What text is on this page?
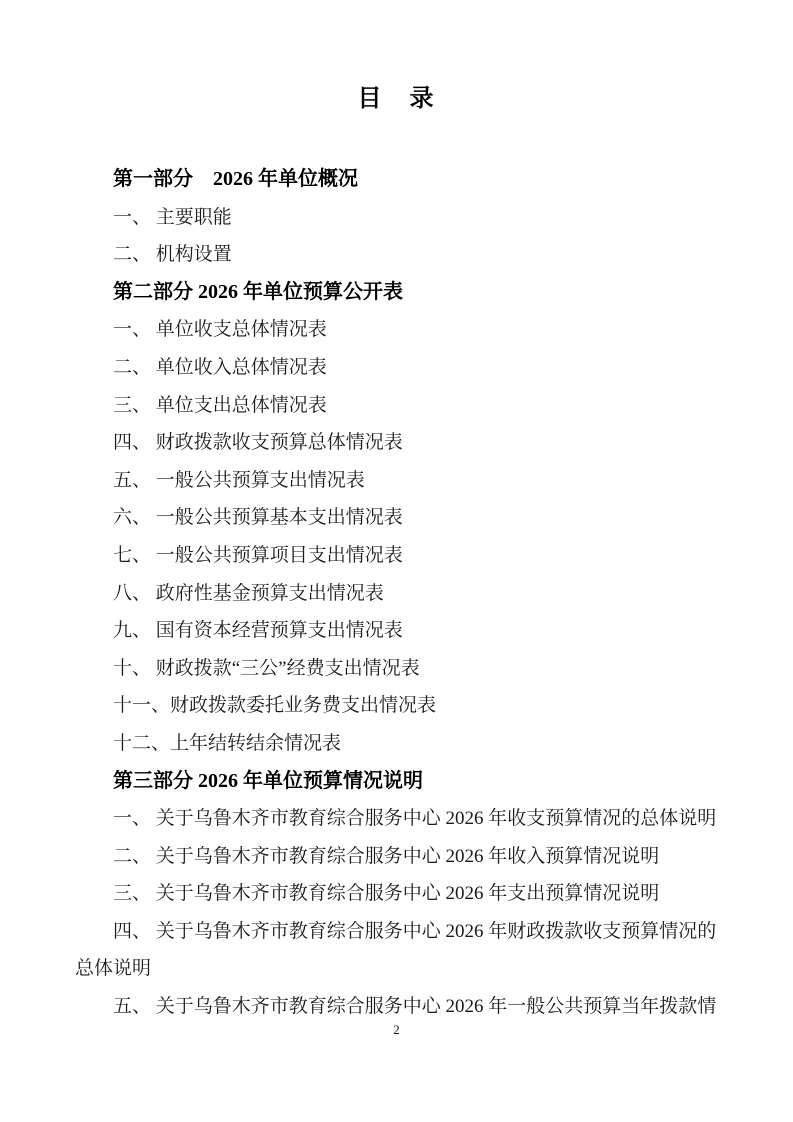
目　录

第一部分　2026 年单位概况

一、 主要职能

二、 机构设置

第二部分 2026 年单位预算公开表

一、 单位收支总体情况表

二、 单位收入总体情况表

三、 单位支出总体情况表

四、 财政拨款收支预算总体情况表

五、 一般公共预算支出情况表

六、 一般公共预算基本支出情况表

七、 一般公共预算项目支出情况表

八、 政府性基金预算支出情况表

九、 国有资本经营预算支出情况表

十、 财政拨款“三公”经费支出情况表

十一、财政拨款委托业务费支出情况表

十二、上年结转结余情况表

第三部分 2026 年单位预算情况说明

一、 关于乌鲁木齐市教育综合服务中心 2026 年收支预算情况的总体说明

二、 关于乌鲁木齐市教育综合服务中心 2026 年收入预算情况说明

三、 关于乌鲁木齐市教育综合服务中心 2026 年支出预算情况说明

四、 关于乌鲁木齐市教育综合服务中心 2026 年财政拨款收支预算情况的

总体说明

五、 关于乌鲁木齐市教育综合服务中心 2026 年一般公共预算当年拨款情

2
